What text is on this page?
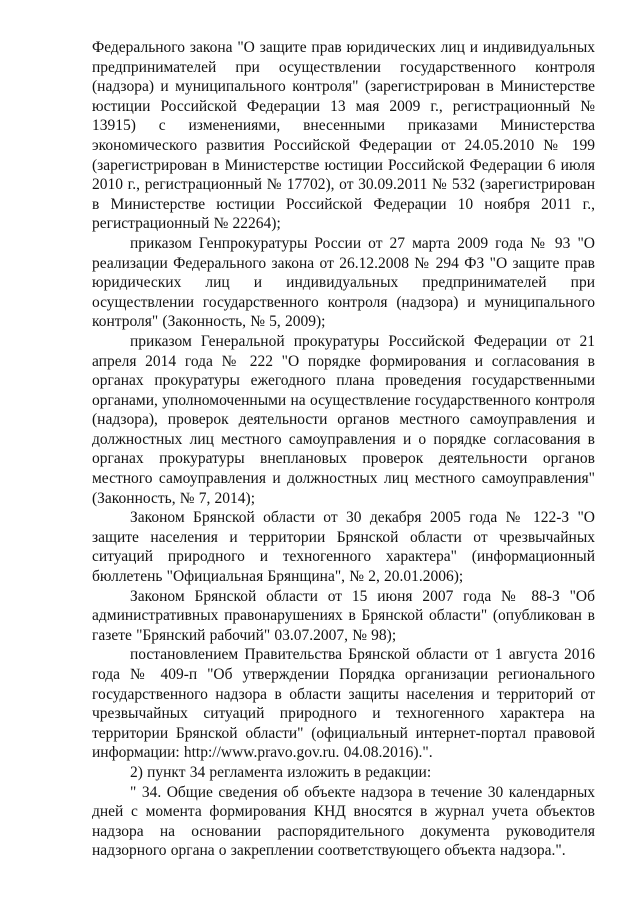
Федерального закона "О защите прав юридических лиц и индивидуальных предпринимателей при осуществлении государственного контроля (надзора) и муниципального контроля" (зарегистрирован в Министерстве юстиции Российской Федерации 13 мая 2009 г., регистрационный № 13915) с изменениями, внесенными приказами Министерства экономического развития Российской Федерации от 24.05.2010 № 199 (зарегистрирован в Министерстве юстиции Российской Федерации 6 июля 2010 г., регистрационный № 17702), от 30.09.2011 № 532 (зарегистрирован в Министерстве юстиции Российской Федерации 10 ноября 2011 г., регистрационный № 22264);

приказом Генпрокуратуры России от 27 марта 2009 года № 93 "О реализации Федерального закона от 26.12.2008 № 294 ФЗ "О защите прав юридических лиц и индивидуальных предпринимателей при осуществлении государственного контроля (надзора) и муниципального контроля" (Законность, № 5, 2009);

приказом Генеральной прокуратуры Российской Федерации от 21 апреля 2014 года № 222 "О порядке формирования и согласования в органах прокуратуры ежегодного плана проведения государственными органами, уполномоченными на осуществление государственного контроля (надзора), проверок деятельности органов местного самоуправления и должностных лиц местного самоуправления и о порядке согласования в органах прокуратуры внеплановых проверок деятельности органов местного самоуправления и должностных лиц местного самоуправления" (Законность, № 7, 2014);

Законом Брянской области от 30 декабря 2005 года № 122-З "О защите населения и территории Брянской области от чрезвычайных ситуаций природного и техногенного характера" (информационный бюллетень "Официальная Брянщина", № 2, 20.01.2006);

Законом Брянской области от 15 июня 2007 года № 88-З "Об административных правонарушениях в Брянской области" (опубликован в газете "Брянский рабочий" 03.07.2007, № 98);

постановлением Правительства Брянской области от 1 августа 2016 года № 409-п "Об утверждении Порядка организации регионального государственного надзора в области защиты населения и территорий от чрезвычайных ситуаций природного и техногенного характера на территории Брянской области" (официальный интернет-портал правовой информации: http://www.pravo.gov.ru. 04.08.2016).".

2) пункт 34 регламента изложить в редакции:

" 34. Общие сведения об объекте надзора в течение 30 календарных дней с момента формирования КНД вносятся в журнал учета объектов надзора на основании распорядительного документа руководителя надзорного органа о закреплении соответствующего объекта надзора.".
